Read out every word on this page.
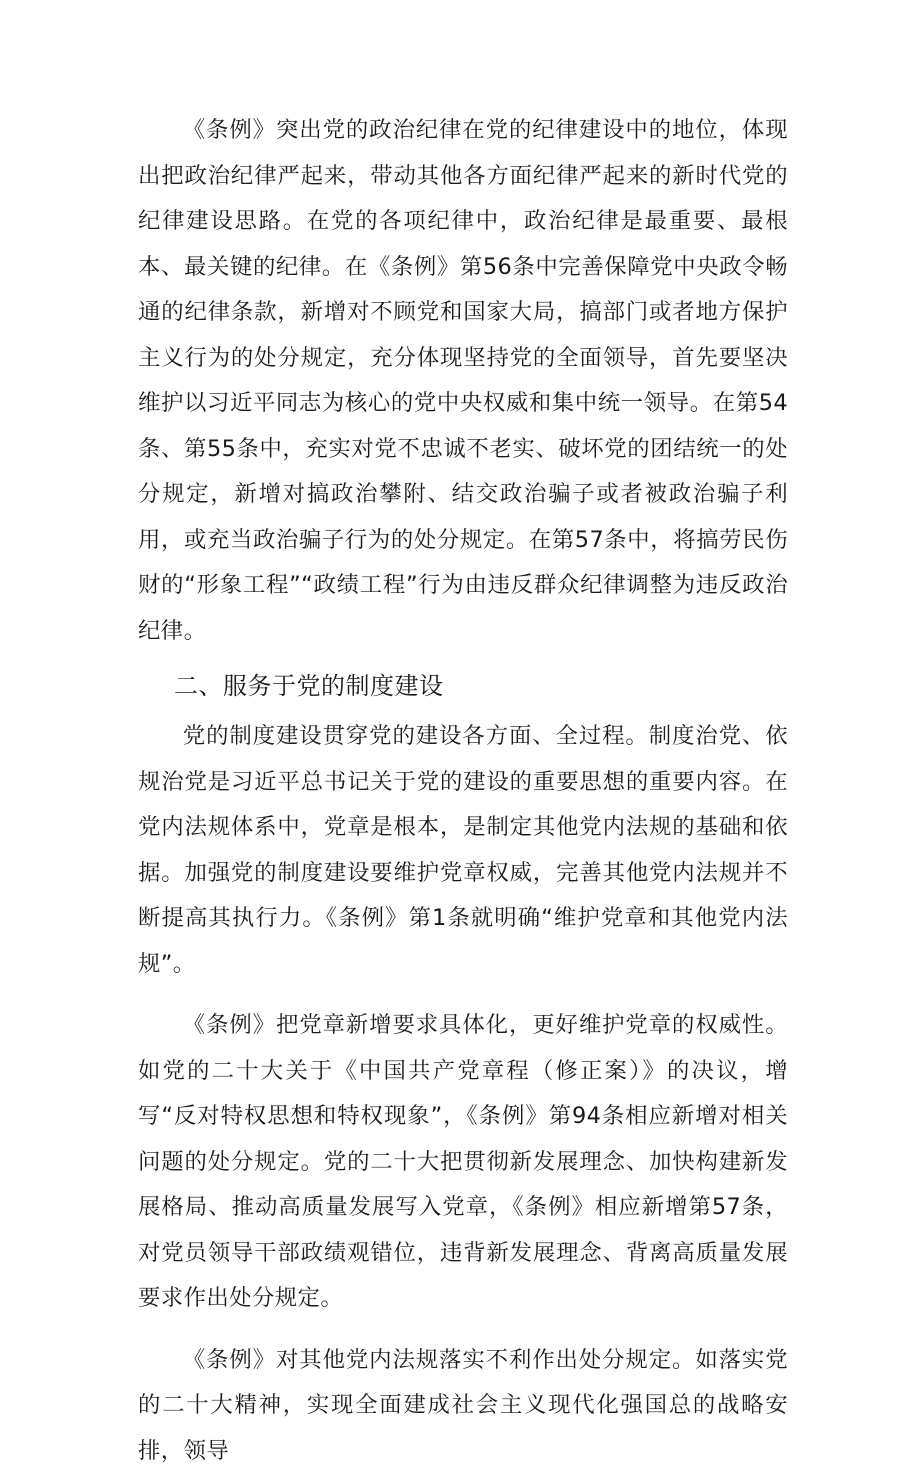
《条例》突出党的政治纪律在党的纪律建设中的地位，体现出把政治纪律严起来，带动其他各方面纪律严起来的新时代党的纪律建设思路。在党的各项纪律中，政治纪律是最重要、最根本、最关键的纪律。在《条例》第56条中完善保障党中央政令畅通的纪律条款，新增对不顾党和国家大局，搞部门或者地方保护主义行为的处分规定，充分体现坚持党的全面领导，首先要坚决维护以习近平同志为核心的党中央权威和集中统一领导。在第54条、第55条中，充实对党不忠诚不老实、破坏党的团结统一的处分规定，新增对搞政治攀附、结交政治骗子或者被政治骗子利用，或充当政治骗子行为的处分规定。在第57条中，将搞劳民伤财的“形象工程”“政绩工程”行为由违反群众纪律调整为违反政治纪律。

二、服务于党的制度建设

党的制度建设贯穿党的建设各方面、全过程。制度治党、依规治党是习近平总书记关于党的建设的重要思想的重要内容。在党内法规体系中，党章是根本，是制定其他党内法规的基础和依据。加强党的制度建设要维护党章权威，完善其他党内法规并不断提高其执行力。《条例》第1条就明确“维护党章和其他党内法规”。

《条例》把党章新增要求具体化，更好维护党章的权威性。如党的二十大关于《中国共产党章程（修正案）》的决议，增写“反对特权思想和特权现象”，《条例》第94条相应新增对相关问题的处分规定。党的二十大把贯彻新发展理念、加快构建新发展格局、推动高质量发展写入党章，《条例》相应新增第57条，对党员领导干部政绩观错位，违背新发展理念、背离高质量发展要求作出处分规定。

《条例》对其他党内法规落实不利作出处分规定。如落实党的二十大精神，实现全面建成社会主义现代化强国总的战略安排，领导
